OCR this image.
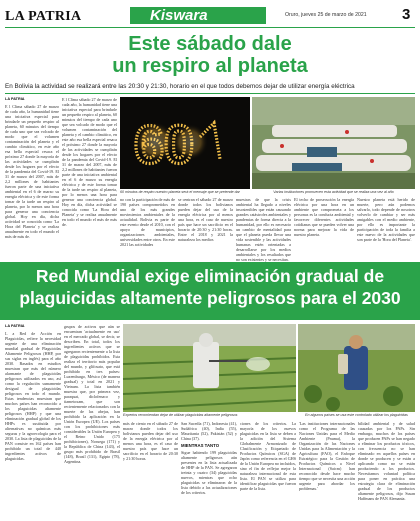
LA PATRIA	Kiswara	Oruro, jueves 25 de marzo de 2021 3
Este sábado dale
un respiro al planeta
En Bolivia la actividad se realizará entre las 20:30 y 21:30, horario en el que todos debemos dejar de utilizar energía eléctrica
LA PATRIA
E l Clima sábado 27 de marzo de cada año, la humanidad tiene una iniciativa especial para brindarle un pequeño respiro al planeta, 60 minutos del tiempo de cada uno que sea volcado de modo que el volumen contaminación del planeta y el cambio climático, en este año esa bella especial resaca el próximo 27 donde la mayoría de las actividades se cumplirán desde los hogares por el efecto de la pandemia del Covid-19. El 31 de marzo del 2007, más de 2,2 millones de habitantes fueron parte de una iniciativa ambiental en el 6 de marzo su energía eléctrica y de este forma tomar de la tarde un respiro al planeta, por lo menos una hora para generar una conciencia global. Hoy en día, dicha actividad se conocida como 'La Hora del Planeta' y se realiza anualmente en todo el mundo el más de más de.
E l Clima sábado 27 de marzo de cada año, la humanidad tiene una iniciativa especial para brindarle un pequeño respiro al planeta, 60 minutos del tiempo de cada uno que sea volcado de modo que el volumen contaminación del planeta y el cambio climático, en este año esa bella especial resaca el próximo 27 donde la mayoría de las actividades se cumplirán desde los hogares por el efecto de la pandemia del Covid-19. El 31 de marzo del 2007, más de 2,2 millones de habitantes fueron parte de una iniciativa ambiental en el 6 de marzo su energía eléctrica y de este forma tomar de la tarde un respiro al planeta, por lo menos una hora para generar una conciencia global. Hoy en día, dicha actividad se conocida como 'La Hora del Planeta' y se realiza anualmente en todo el mundo el más de más de.
60
60 minutos de respiro nuestro planeta será el mensaje que se pretende dar	Varias instituciones promueven esta actividad que se realiza una vez al año
no con la participación de más de 190 países comprometidos en uno de los más grandes movimientos ambientales de la actualidad. Bolivia es parte de este evento desde el 2010, con el apoyo de municipios, organizaciones ambientales, universidades entre otros. En este 2021 las actividades
se centran el sábado 27 de marzo donde todos los bolivianos pueden dejar del uso de la energía eléctrica por al menos una hora, es el caso de nuestro país que hace un sacrificio en el horario de 20:30 y 21:30 horas. Entre el 2018 y 2021 la naturaleza los medios
muestras de que la crisis ambiental ha llegado a niveles insostenibles que están causando grandes catástrofes ambientales y pandemias de forma directa a la humanidad, por ello es necesario un cambio de mentalidad para que el planeta pueda llevar una vida sostenible y las actividades humanas estén orientadas a desarrollarse por los medios ambientales y los resultados que no son existentes y se necesitan.
El techo de prosecución la energía eléctrica por una hora en un ambiente que comprometa a los personas es la conducta ambiental y favorecer diferentes actividades cotidianas que se pueden volver una norma para mejorar la vida de nuestro planeta.
Nuestro planeta está herido de muerte, pero aún podemos salvarlo, todo depende de nosotros volverlo de cambiar y ser más amigables con el medio ambiente, por ello es importante la participación de toda la familia a este nuevo de la actividades que son parte de la 'Hora del Planeta'.
Red Mundial exige eliminación gradual de
plaguicidas altamente peligrosos para el 2030
LA PATRIA
L a Red de Acción en Plaguicidas, refiere la necesidad urgente de una eliminación mundial gradual de Plaguicidas Altamente Peligrosos (HHP, por sus siglas en inglés) para el año 2030. Basados en estudios muestran que más del número alarmante de plaguicidas peligrosos utilizados en uso, así como la regulación sumamente desigual de plaguicidas peligrosos en todo el mundo. Estas tendencias muestran que muchos países han reconocido a los plaguicidas altamente peligrosos (HHP) y que una eliminación gradual global de los HHPs es sustituida por alternativas no químicas más seguras y la agroecología para el 2030. La lista de plaguicidas de la PAN consiste en 162 países han prohibido un total de 440 ingredientes activos de plaguicidas.
grupos de activos que aún se encuentran 'actualmente en uso' en el mercado global, se decir, se describen. En total, todos los ingredientes activos que se agregaron recientemente a la lista de plaguicidas prohibidos. Esta realiza el territorio más popular del mundo, y glifosato, que está prohibido en tres países: Luxemburgo, México (de manera gradual) y total en 2021 y Vietnam. La lista también muestra que, por primera vez, paraquat, diclofenaco y tiametoxam, que son recientemente relacionados con la muerte de las abejas, han prohibido la aplicación en la Unión Europea (UE). Los países con los prohibiciones más considerables la Unión Europea y el Reino Unido (175 prohibiciones), Noruega (171) y la República de China (143), el grupo más prohibido de Brasil (148), Brasil (131), Egipto (78), Argentina.
Expertos recomiendan dejar de utilizar plaguicidas altamente peligrosos	En algunos países se usa este controlado utilizar los plaguicidas
más de ciento en el sábado 27 de marzo donde todos los bolivianos pueden dejar del uso de la energía eléctrica por al menos una hora, es el caso de nuestro país que hace un sacrificio en el horario de 20:30 y 21:30 horas.
San Sucedía (71), Indonesia (41), Sudáfrica (40), India (55), Mauritania (52), Pakistán (52) y China (37).
MIENTRAS TANTO
Sigue habiendo 199 plaguicidas altamente peligrosos aún presentes en la lista actualizada de HHP de la PAN. Se agregaron treinta y cuatro (34) plaguicidas nuevos, mientras que ocho plaguicidas se eliminaron de la lista debido a las actualizaciones de los criterios.
ciones de los criterios. La mayoría de los nuevos plaguicidas en la lista se deben a la adición del Sistema Globalmente Armonizado de Clasificación y Etiquetado de Productos Químicos (SGA) de Japón como referencia en el GHS de la Unión Europea no incluidos, sino el fin de reflejar mejor la naturaleza internacional de esta lista. El PAN se utiliza para identificar plaguicidas que fueron parte de la lista.
'Las instituciones internacionales como el Programa de las Naciones Unidas para el Medio Ambiente (Pnuma), la Organización de las Naciones Unidas para la Alimentación y la Agricultura (FAO), el Enfoque Estratégico para la Gestión de Productos Químicos a Nivel Internacional (Saicm) han reconocido desde hace mucho tiempo que se necesita una acción urgente para abordar los problemas.'
bilidad ambiental y de salud causadas por los PAPs. Sin embargo, muchos de los países que producen PAPs se han negado a eliminar los productos tóxicos, con frecuencia no se han eliminado en aquellos países en donde se producen y se están a aplicando como no se están produciendo a los productos. Necesitamos voluntad política para poner en práctica una estrategia clara de eliminación gradual de los productos altamente peligrosos, dijo Susan Haffmans de PAN Alemania.
